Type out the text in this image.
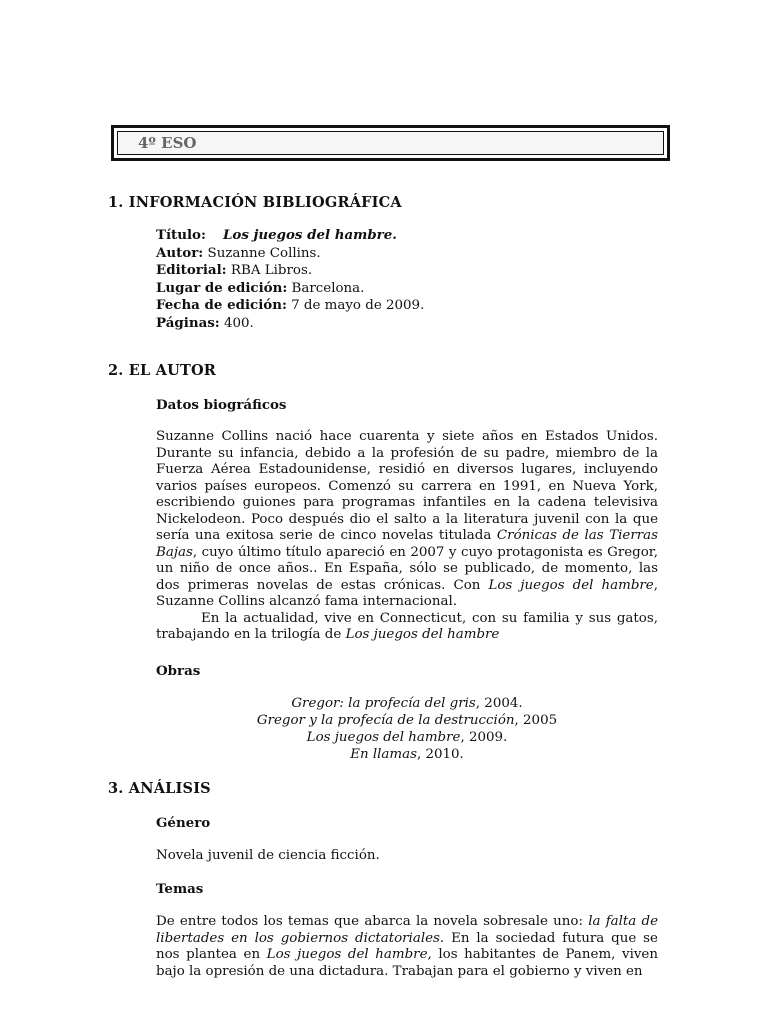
4º ESO
1. INFORMACIÓN BIBLIOGRÁFICA
Título: Los juegos del hambre.
Autor: Suzanne Collins.
Editorial: RBA Libros.
Lugar de edición: Barcelona.
Fecha de edición: 7 de mayo de 2009.
Páginas: 400.
2. EL AUTOR
Datos biográficos

Suzanne Collins nació hace cuarenta y siete años en Estados Unidos. Durante su infancia, debido a la profesión de su padre, miembro de la Fuerza Aérea Estadounidense, residió en diversos lugares, incluyendo varios países europeos. Comenzó su carrera en 1991, en Nueva York, escribiendo guiones para programas infantiles en la cadena televisiva Nickelodeon. Poco después dio el salto a la literatura juvenil con la que sería una exitosa serie de cinco novelas titulada Crónicas de las Tierras Bajas, cuyo último título apareció en 2007 y cuyo protagonista es Gregor, un niño de once años.. En España, sólo se publicado, de momento, las dos primeras novelas de estas crónicas. Con Los juegos del hambre, Suzanne Collins alcanzó fama internacional.

En la actualidad, vive en Connecticut, con su familia y sus gatos, trabajando en la trilogía de Los juegos del hambre

Obras
Gregor: la profecía del gris, 2004.
Gregor y la profecía de la destrucción, 2005
Los juegos del hambre, 2009.
En llamas, 2010.
3. ANÁLISIS
Género
Novela juvenil de ciencia ficción.
Temas

De entre todos los temas que abarca la novela sobresale uno: la falta de libertades en los gobiernos dictatoriales. En la sociedad futura que se nos plantea en Los juegos del hambre, los habitantes de Panem, viven bajo la opresión de una dictadura. Trabajan para el gobierno y viven en
